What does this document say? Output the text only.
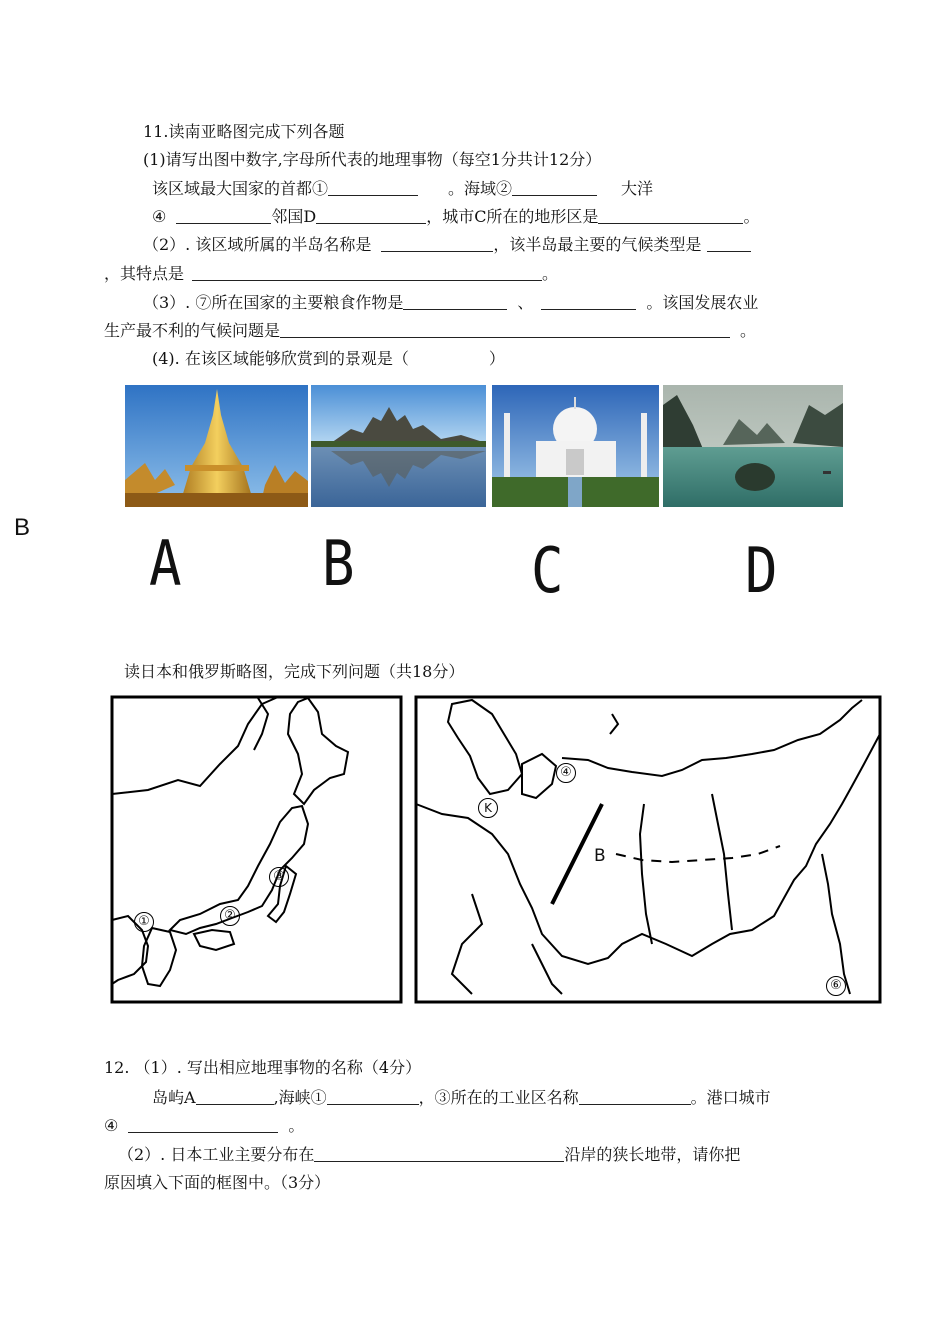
11.读南亚略图完成下列各题
(1)请写出图中数字,字母所代表的地理事物（每空1分共计12分）
该区域最大国家的首都①	。海域②	大洋
④	邻国D	，城市C所在的地形区是	。
（2）. 该区域所属的半岛名称是	，该半岛最主要的气候类型是
，其特点是	。
（3）. ⑦所在国家的主要粮食作物是	、	。该国发展农业
生产最不利的气候问题是	。
(4). 在该区域能够欣赏到的景观是（　　　　　）
A	B	C	D
B
读日本和俄罗斯略图，完成下列问题（共18分）
③
①	②
④
K
B
⑥
12. （1）. 写出相应地理事物的名称（4分）
岛屿A	,海峡①	，③所在的工业区名称	。港口城市
④	。
（2）. 日本工业主要分布在	沿岸的狭长地带，请你把
原因填入下面的框图中。（3分）
